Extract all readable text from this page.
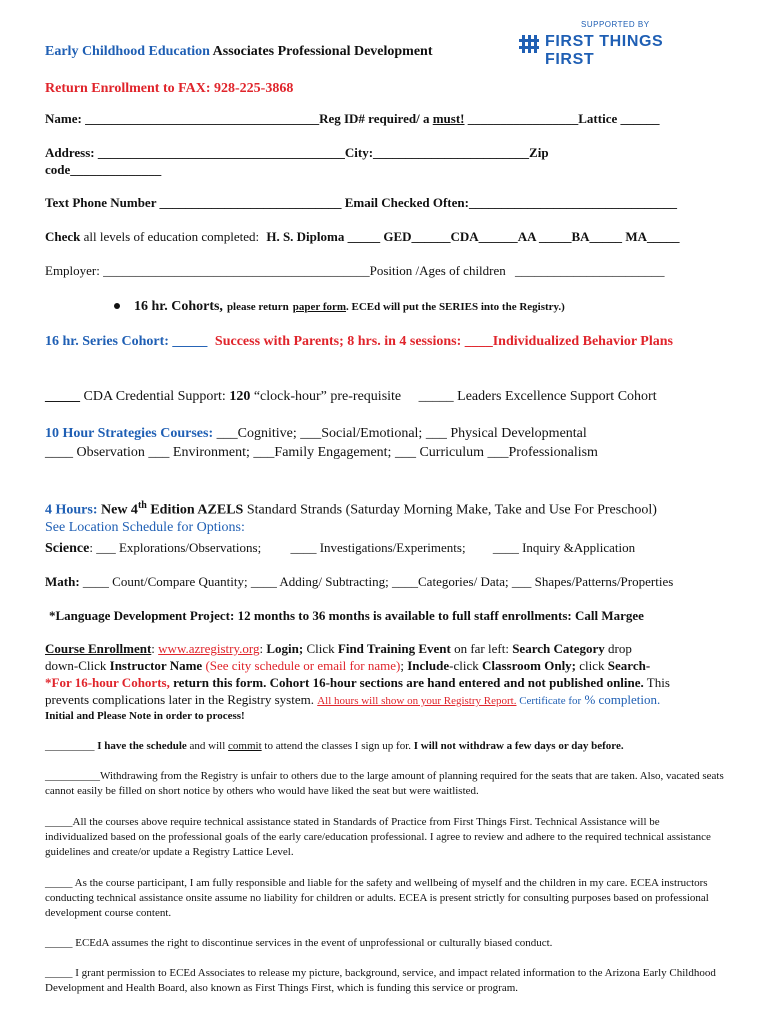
SUPPORTED BY
FIRST THINGS FIRST
Early Childhood Education Associates Professional Development
Return Enrollment to FAX: 928-225-3868
Name: ____________________________________Reg ID# required/ a must! _________________Lattice ______
Address: ______________________________________City:________________________Zip
code______________
Text Phone Number ____________________________ Email Checked Often:________________________________
Check all levels of education completed: H. S. Diploma _____ GED______CDA______AA _____BA_____ MA_____
Employer: _________________________________________Position /Ages of children _______________________
16 hr. Cohorts, please return paper form. ECEd will put the SERIES into the Registry.)
16 hr. Series Cohort: _____ Success with Parents; 8 hrs. in 4 sessions: ____Individualized Behavior Plans
_____ CDA Credential Support: 120 “clock-hour” pre-requisite _____ Leaders Excellence Support Cohort
10 Hour Strategies Courses: ___Cognitive; ___Social/Emotional; ___ Physical Developmental
____ Observation ___ Environment; ___Family Engagement; ___ Curriculum ___Professionalism
4 Hours: New 4th Edition AZELS Standard Strands (Saturday Morning Make, Take and Use For Preschool)
See Location Schedule for Options:
Science: ___ Explorations/Observations; ____ Investigations/Experiments; ____ Inquiry &Application
Math: ____ Count/Compare Quantity; ____ Adding/ Subtracting; ____Categories/ Data; ___ Shapes/Patterns/Properties
*Language Development Project: 12 months to 36 months is available to full staff enrollments: Call Margee
Course Enrollment: www.azregistry.org: Login; Click Find Training Event on far left: Search Category drop
down-Click Instructor Name (See city schedule or email for name); Include-click Classroom Only; click Search-
*For 16-hour Cohorts, return this form. Cohort 16-hour sections are hand entered and not published online. This
prevents complications later in the Registry system. All hours will show on your Registry Report. Certificate for % completion.
Initial and Please Note in order to process!
_________ I have the schedule and will commit to attend the classes I sign up for. I will not withdraw a few days or day before.
__________Withdrawing from the Registry is unfair to others due to the large amount of planning required for the seats that are taken. Also, vacated seats cannot easily be filled on short notice by others who would have liked the seat but were waitlisted.
_____All the courses above require technical assistance stated in Standards of Practice from First Things First. Technical Assistance will be individualized based on the professional goals of the early care/education professional. I agree to review and adhere to the required technical assistance guidelines and create/or update a Registry Lattice Level.
_____ As the course participant, I am fully responsible and liable for the safety and wellbeing of myself and the children in my care. ECEA instructors conducting technical assistance onsite assume no liability for children or adults. ECEA is present strictly for consulting purposes based on professional development course content.
_____ ECEdA assumes the right to discontinue services in the event of unprofessional or culturally biased conduct.
_____ I grant permission to ECEd Associates to release my picture, background, service, and impact related information to the Arizona Early Childhood Development and Health Board, also known as First Things First, which is funding this service or program.
